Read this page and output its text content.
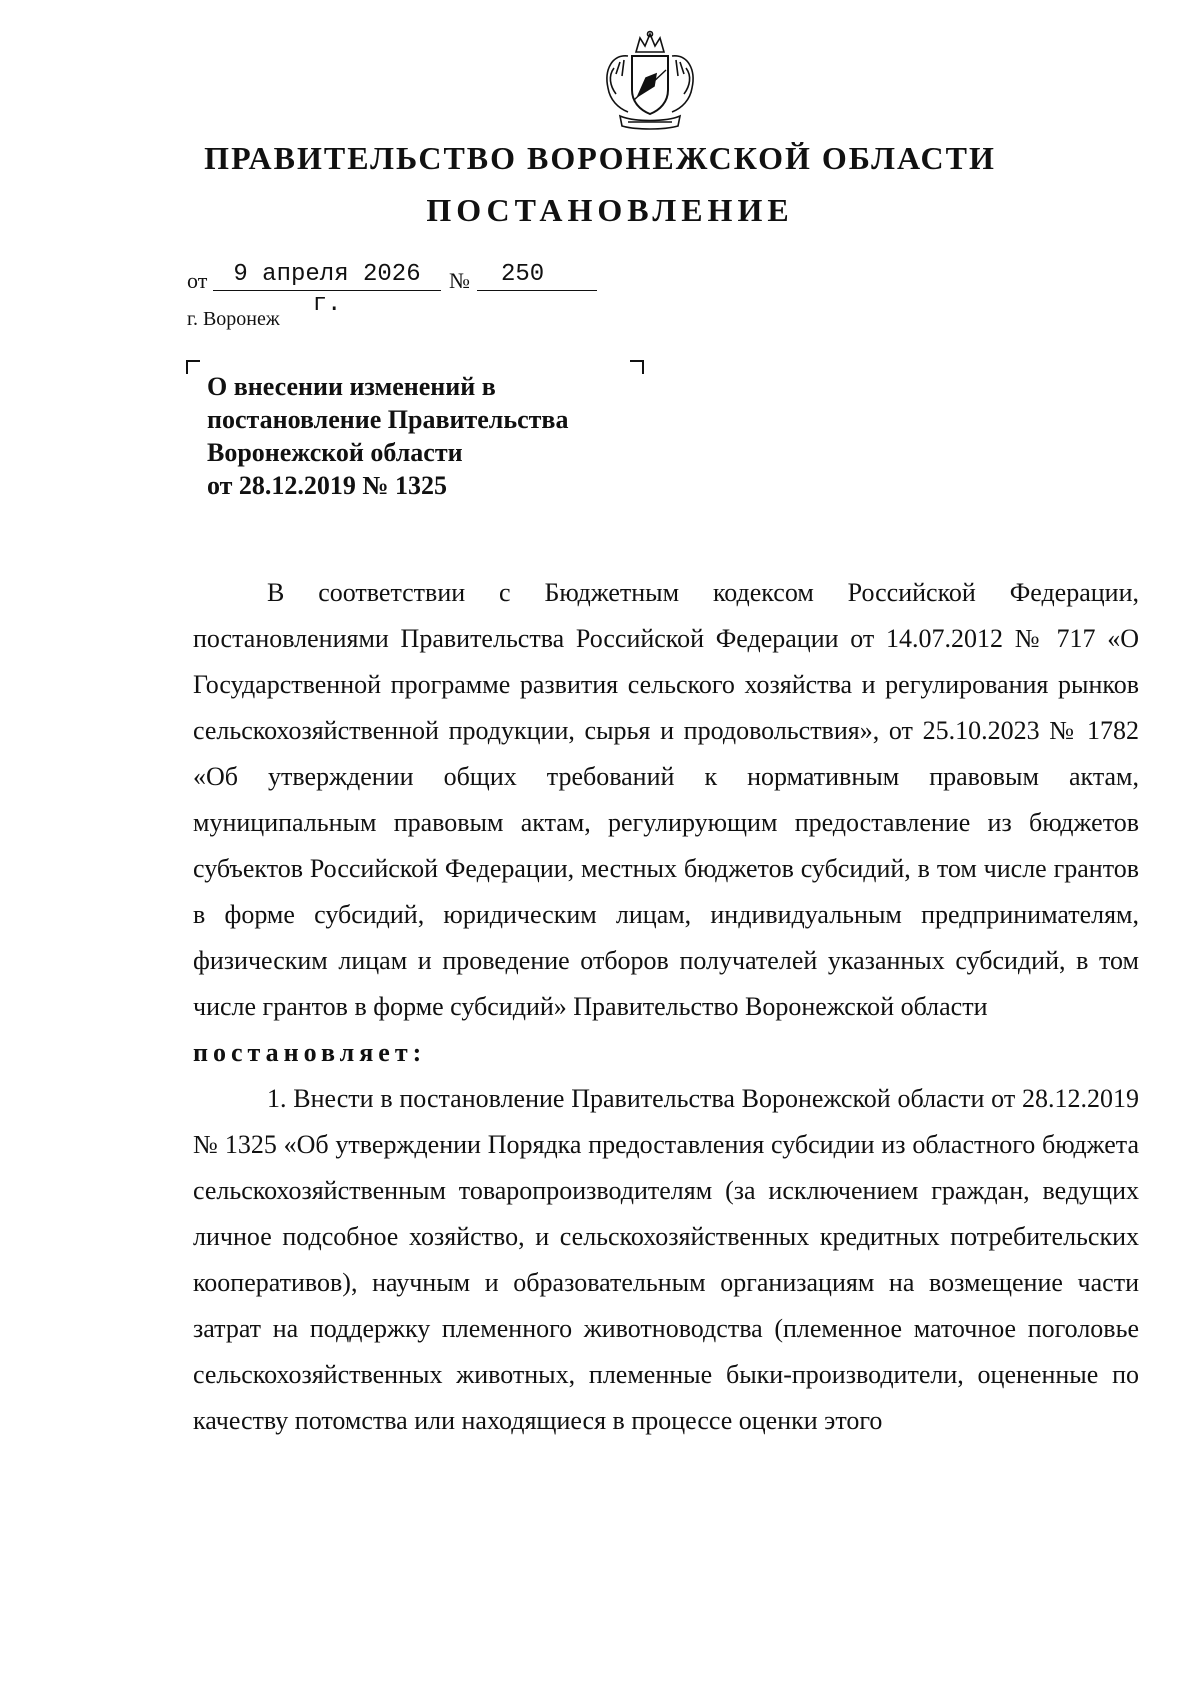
ПРАВИТЕЛЬСТВО ВОРОНЕЖСКОЙ ОБЛАСТИ
ПОСТАНОВЛЕНИЕ
от	9 апреля 2026 г.
№	250
г. Воронеж
О внесении изменений в
постановление Правительства
Воронежской области
от 28.12.2019 № 1325

В соответствии с Бюджетным кодексом Российской Федерации, постановлениями Правительства Российской Федерации от 14.07.2012 № 717 «О Государственной программе развития сельского хозяйства и регулирования рынков сельскохозяйственной продукции, сырья и продовольствия», от 25.10.2023 № 1782 «Об утверждении общих требований к нормативным правовым актам, муниципальным правовым актам, регулирующим предоставление из бюджетов субъектов Российской Федерации, местных бюджетов субсидий, в том числе грантов в форме субсидий, юридическим лицам, индивидуальным предпринимателям, физическим лицам и проведение отборов получателей указанных субсидий, в том числе грантов в форме субсидий» Правительство Воронежской области

постановляет:

1. Внести в постановление Правительства Воронежской области от 28.12.2019 № 1325 «Об утверждении Порядка предоставления субсидии из областного бюджета сельскохозяйственным товаропроизводителям (за исключением граждан, ведущих личное подсобное хозяйство, и сельскохозяйственных кредитных потребительских кооперативов), научным и образовательным организациям на возмещение части затрат на поддержку племенного животноводства (племенное маточное поголовье сельскохозяйственных животных, племенные быки-производители, оцененные по качеству потомства или находящиеся в процессе оценки этого
